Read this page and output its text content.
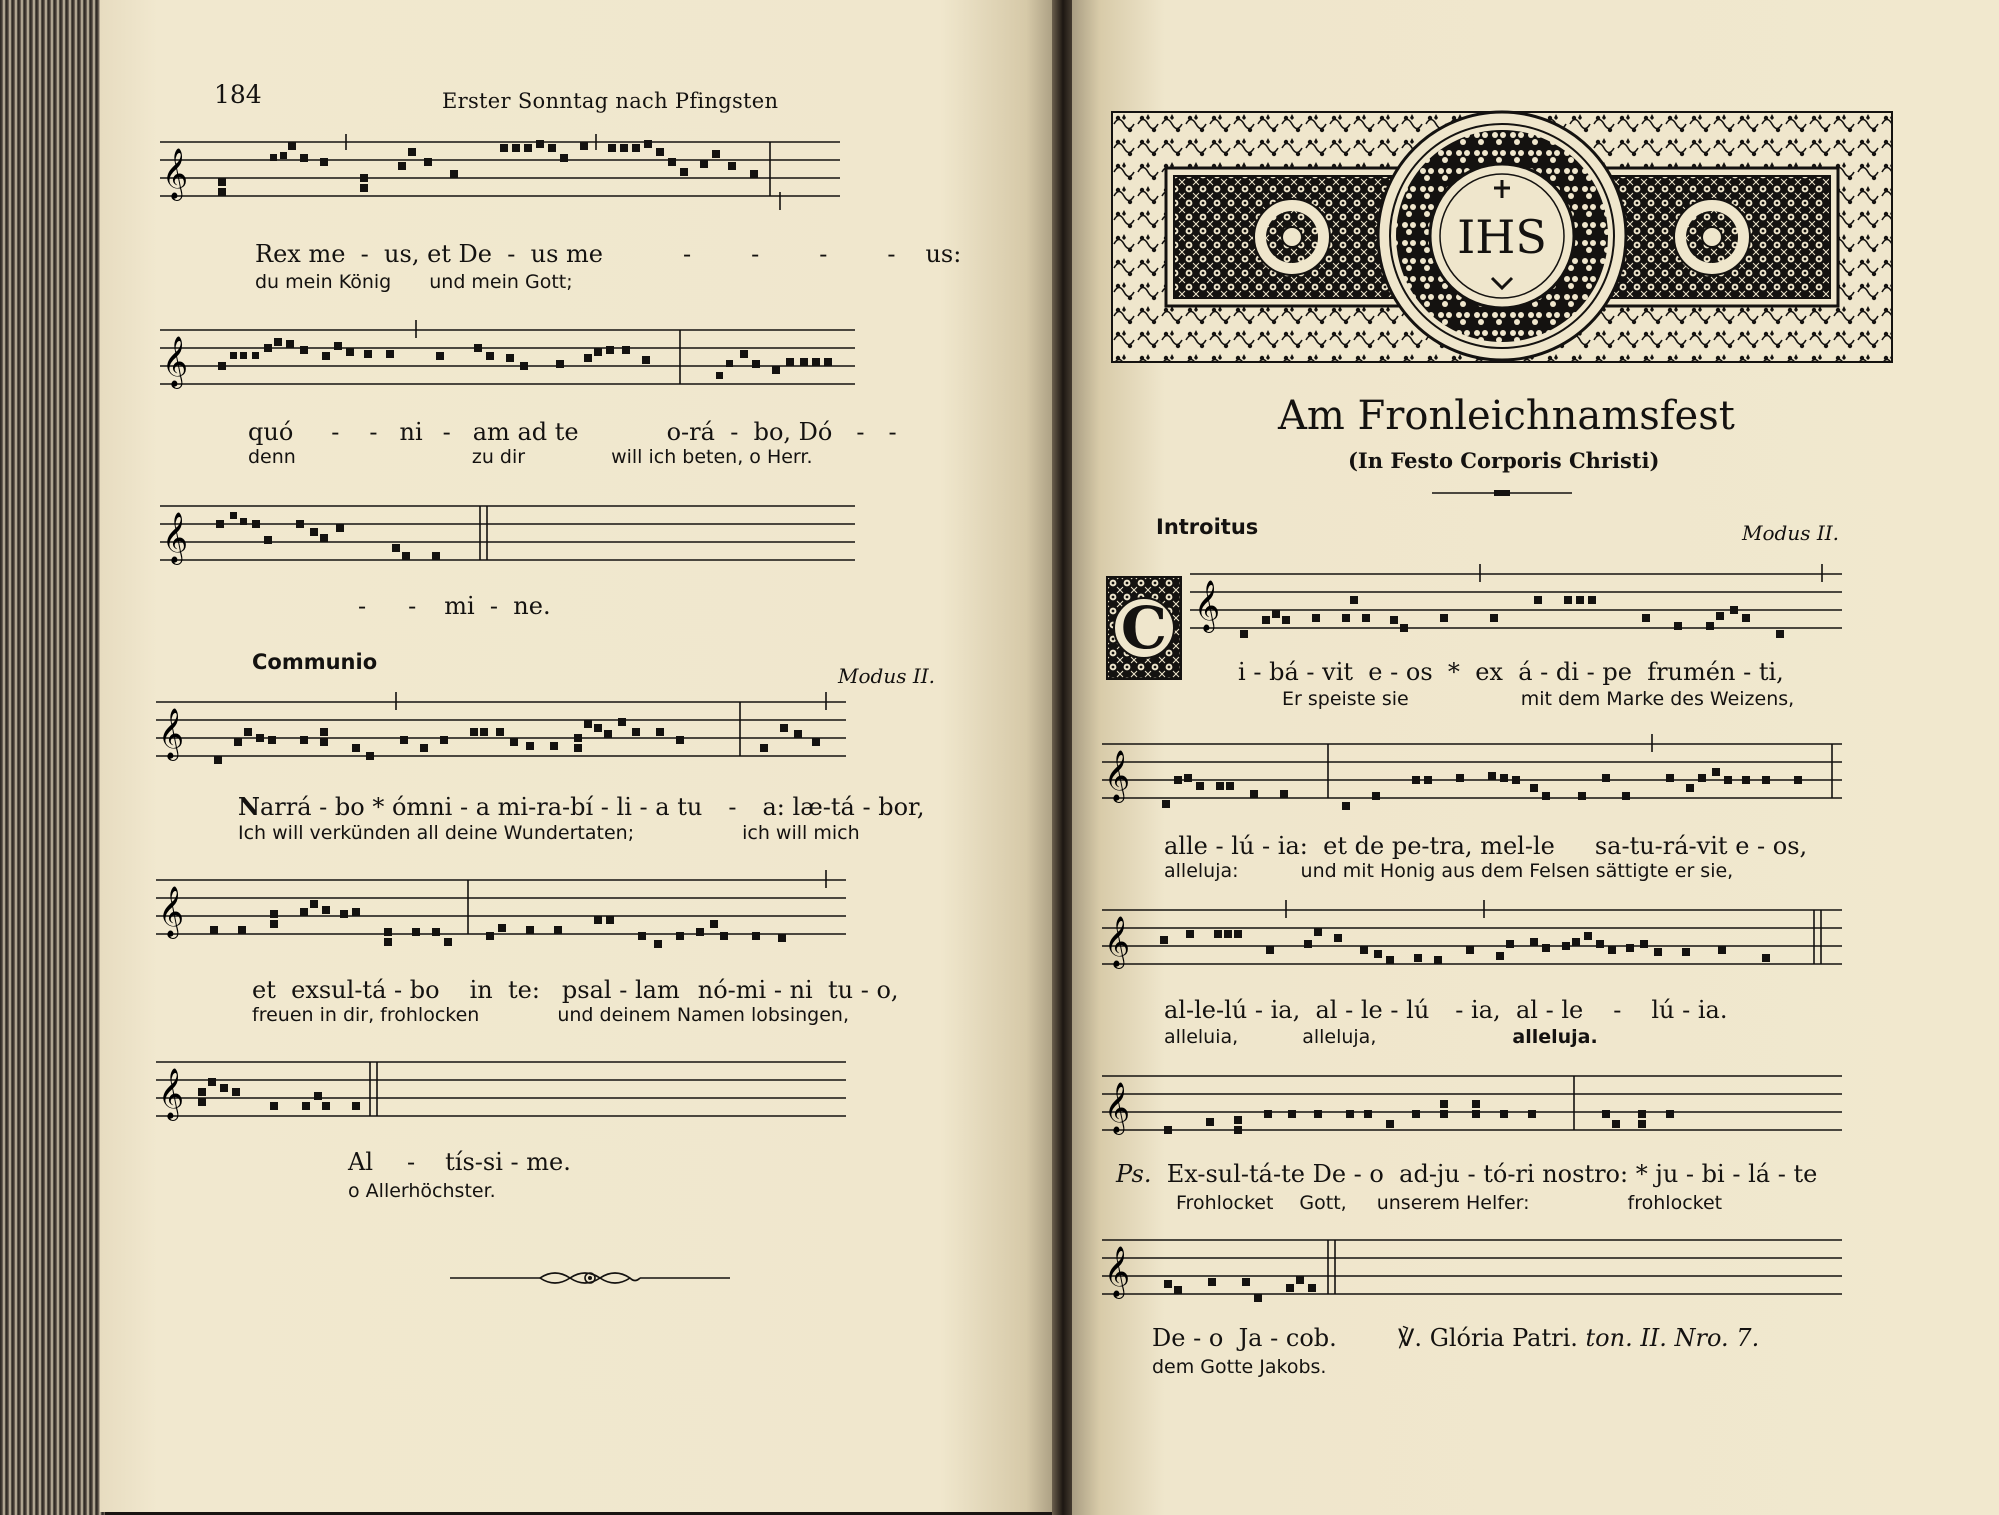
184	Erster Sonntag nach Pfingsten
𝄞
Rex me - us, et De - us me	-	-	-	- us:
du mein König und mein Gott;
𝄞
quó - - ni - am ad te	o-rá - bo, Dó - -
denn	zu dir	will ich beten, o Herr.
𝄞
- - mi - ne.
Communio
Modus II.
𝄞
Narrá - bo * ómni - a mi-ra-bí - li - a tu - a: læ-tá - bor,
Ich will verkünden all deine Wundertaten;	ich will mich
𝄞
et exsul-tá - bo in te: psal - lam nó-mi - ni tu - o,
freuen in dir, frohlocken	und deinem Namen lobsingen,
𝄞
Al - tís-si - me.
o Allerhöchster.
IHS
Am Fronleichnamsfest
(In Festo Corporis Christi)
Introitus	Modus II.
C 𝄞
i - bá - vit e - os * ex á - di - pe frumén - ti,
Er speiste sie	mit dem Marke des Weizens,
𝄞
alle - lú - ia: et de pe-tra, mel-le sa-tu-rá-vit e - os,
alleluja:	und mit Honig aus dem Felsen sättigte er sie,
𝄞
al-le-lú - ia, al - le - lú - ia, al - le - lú - ia.
alleluia,	alleluja,	alleluja.
𝄞
Ps. Ex-sul-tá-te De - o ad-ju - tó-ri nostro: * ju - bi - lá - te
Frohlocket Gott, unserem Helfer:	frohlocket
𝄞
De - o Ja - cob.
dem Gotte Jakobs.
℣. Glória Patri. ton. II. Nro. 7.
